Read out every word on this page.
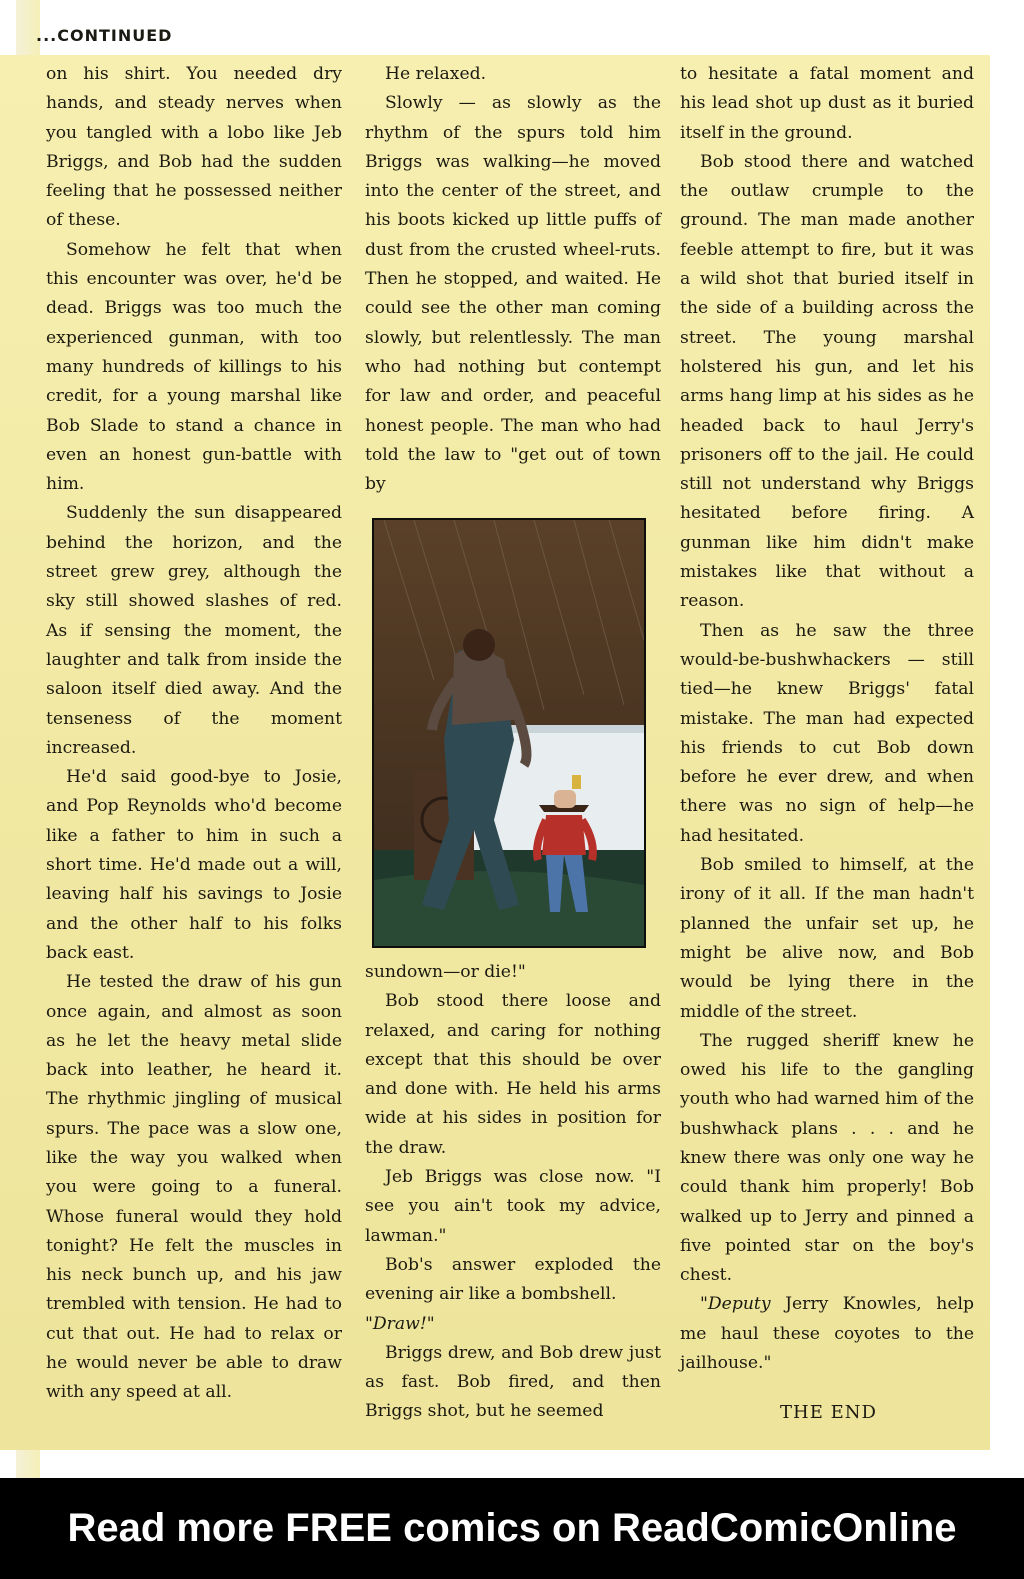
...CONTINUED

on his shirt. You needed dry hands, and steady nerves when you tangled with a lobo like Jeb Briggs, and Bob had the sudden feeling that he possessed neither of these.

Somehow he felt that when this encounter was over, he'd be dead. Briggs was too much the experienced gunman, with too many hundreds of killings to his credit, for a young marshal like Bob Slade to stand a chance in even an honest gun-battle with him.

Suddenly the sun disappeared behind the horizon, and the street grew grey, although the sky still showed slashes of red. As if sensing the moment, the laughter and talk from inside the saloon itself died away. And the tenseness of the moment increased.

He'd said good-bye to Josie, and Pop Reynolds who'd become like a father to him in such a short time. He'd made out a will, leaving half his savings to Josie and the other half to his folks back east.

He tested the draw of his gun once again, and almost as soon as he let the heavy metal slide back into leather, he heard it. The rhythmic jingling of musical spurs. The pace was a slow one, like the way you walked when you were going to a funeral. Whose funeral would they hold tonight? He felt the muscles in his neck bunch up, and his jaw trembled with tension. He had to cut that out. He had to relax or he would never be able to draw with any speed at all.

He relaxed.

Slowly — as slowly as the rhythm of the spurs told him Briggs was walking—he moved into the center of the street, and his boots kicked up little puffs of dust from the crusted wheel-ruts. Then he stopped, and waited. He could see the other man coming slowly, but relentlessly. The man who had nothing but contempt for law and order, and peaceful honest people. The man who had told the law to "get out of town by

sundown—or die!"

Bob stood there loose and relaxed, and caring for nothing except that this should be over and done with. He held his arms wide at his sides in position for the draw.

Jeb Briggs was close now. "I see you ain't took my advice, lawman."

Bob's answer exploded the evening air like a bombshell.

"Draw!"

Briggs drew, and Bob drew just as fast. Bob fired, and then Briggs shot, but he seemed

to hesitate a fatal moment and his lead shot up dust as it buried itself in the ground.

Bob stood there and watched the outlaw crumple to the ground. The man made another feeble attempt to fire, but it was a wild shot that buried itself in the side of a building across the street. The young marshal holstered his gun, and let his arms hang limp at his sides as he headed back to haul Jerry's prisoners off to the jail. He could still not understand why Briggs hesitated before firing. A gunman like him didn't make mistakes like that without a reason.

Then as he saw the three would-be-bushwhackers — still tied—he knew Briggs' fatal mistake. The man had expected his friends to cut Bob down before he ever drew, and when there was no sign of help—he had hesitated.

Bob smiled to himself, at the irony of it all. If the man hadn't planned the unfair set up, he might be alive now, and Bob would be lying there in the middle of the street.

The rugged sheriff knew he owed his life to the gangling youth who had warned him of the bushwhack plans . . . and he knew there was only one way he could thank him properly! Bob walked up to Jerry and pinned a five pointed star on the boy's chest.

"Deputy Jerry Knowles, help me haul these coyotes to the jailhouse."

THE END
Read more FREE comics on ReadComicOnline
